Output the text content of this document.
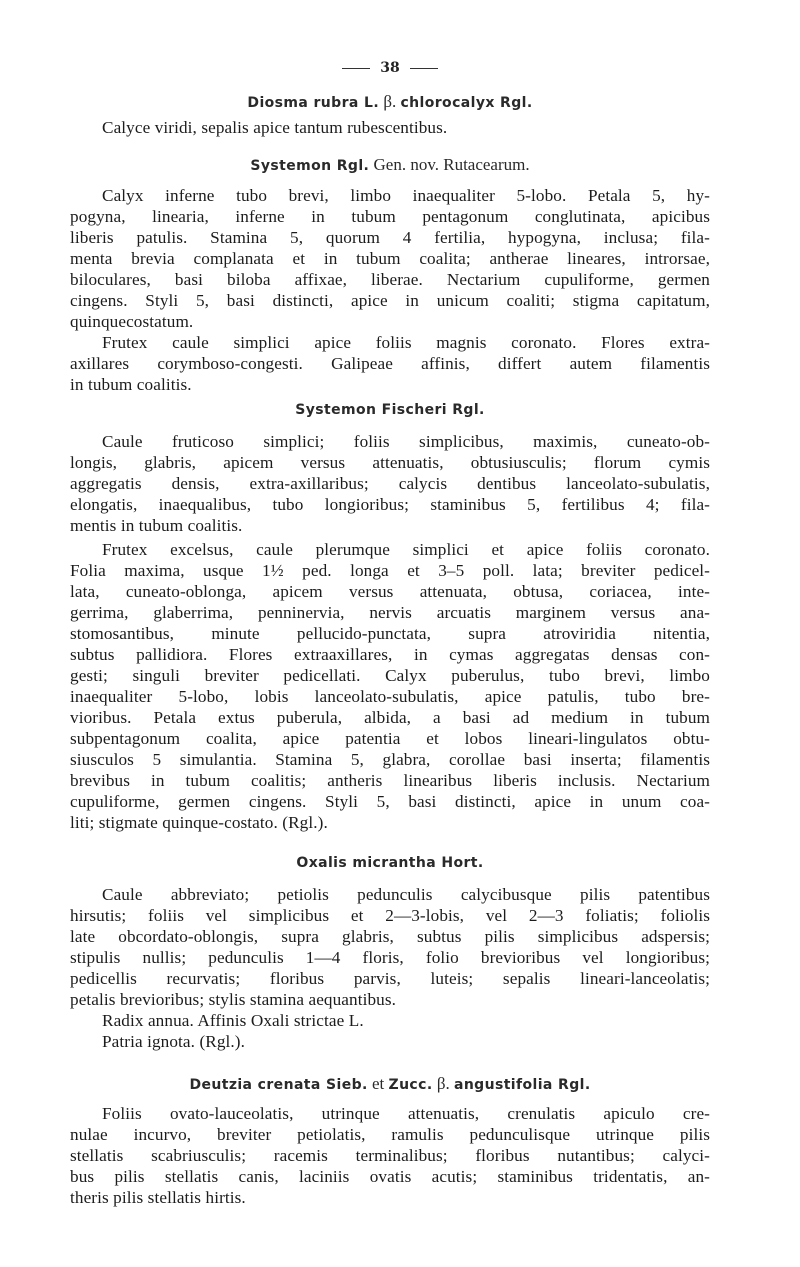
38
Diosma rubra L. β. chlorocalyx Rgl.
Calyce viridi, sepalis apice tantum rubescentibus.
Systemon Rgl. Gen. nov. Rutacearum.
Calyx inferne tubo brevi, limbo inaequaliter 5-lobo. Petala 5, hy-
pogyna, linearia, inferne in tubum pentagonum conglutinata, apicibus
liberis patulis. Stamina 5, quorum 4 fertilia, hypogyna, inclusa; fila-
menta brevia complanata et in tubum coalita; antherae lineares, introrsae,
biloculares, basi biloba affixae, liberae. Nectarium cupuliforme, germen
cingens. Styli 5, basi distincti, apice in unicum coaliti; stigma capitatum,
quinquecostatum.
Frutex caule simplici apice foliis magnis coronato. Flores extra-
axillares corymboso-congesti. Galipeae affinis, differt autem filamentis
in tubum coalitis.
Systemon Fischeri Rgl.
Caule fruticoso simplici; foliis simplicibus, maximis, cuneato-ob-
longis, glabris, apicem versus attenuatis, obtusiusculis; florum cymis
aggregatis densis, extra-axillaribus; calycis dentibus lanceolato-subulatis,
elongatis, inaequalibus, tubo longioribus; staminibus 5, fertilibus 4; fila-
mentis in tubum coalitis.
Frutex excelsus, caule plerumque simplici et apice foliis coronato.
Folia maxima, usque 1½ ped. longa et 3–5 poll. lata; breviter pedicel-
lata, cuneato-oblonga, apicem versus attenuata, obtusa, coriacea, inte-
gerrima, glaberrima, penninervia, nervis arcuatis marginem versus ana-
stomosantibus, minute pellucido-punctata, supra atroviridia nitentia,
subtus pallidiora. Flores extraaxillares, in cymas aggregatas densas con-
gesti; singuli breviter pedicellati. Calyx puberulus, tubo brevi, limbo
inaequaliter 5-lobo, lobis lanceolato-subulatis, apice patulis, tubo bre-
vioribus. Petala extus puberula, albida, a basi ad medium in tubum
subpentagonum coalita, apice patentia et lobos lineari-lingulatos obtu-
siusculos 5 simulantia. Stamina 5, glabra, corollae basi inserta; filamentis
brevibus in tubum coalitis; antheris linearibus liberis inclusis. Nectarium
cupuliforme, germen cingens. Styli 5, basi distincti, apice in unum coa-
liti; stigmate quinque-costato. (Rgl.).
Oxalis micrantha Hort.
Caule abbreviato; petiolis pedunculis calycibusque pilis patentibus
hirsutis; foliis vel simplicibus et 2—3-lobis, vel 2—3 foliatis; foliolis
late obcordato-oblongis, supra glabris, subtus pilis simplicibus adspersis;
stipulis nullis; pedunculis 1—4 floris, folio brevioribus vel longioribus;
pedicellis recurvatis; floribus parvis, luteis; sepalis lineari-lanceolatis;
petalis brevioribus; stylis stamina aequantibus.
Radix annua. Affinis Oxali strictae L.
Patria ignota. (Rgl.).
Deutzia crenata Sieb. et Zucc. β. angustifolia Rgl.
Foliis ovato-lauceolatis, utrinque attenuatis, crenulatis apiculo cre-
nulae incurvo, breviter petiolatis, ramulis pedunculisque utrinque pilis
stellatis scabriusculis; racemis terminalibus; floribus nutantibus; calyci-
bus pilis stellatis canis, laciniis ovatis acutis; staminibus tridentatis, an-
theris pilis stellatis hirtis.
